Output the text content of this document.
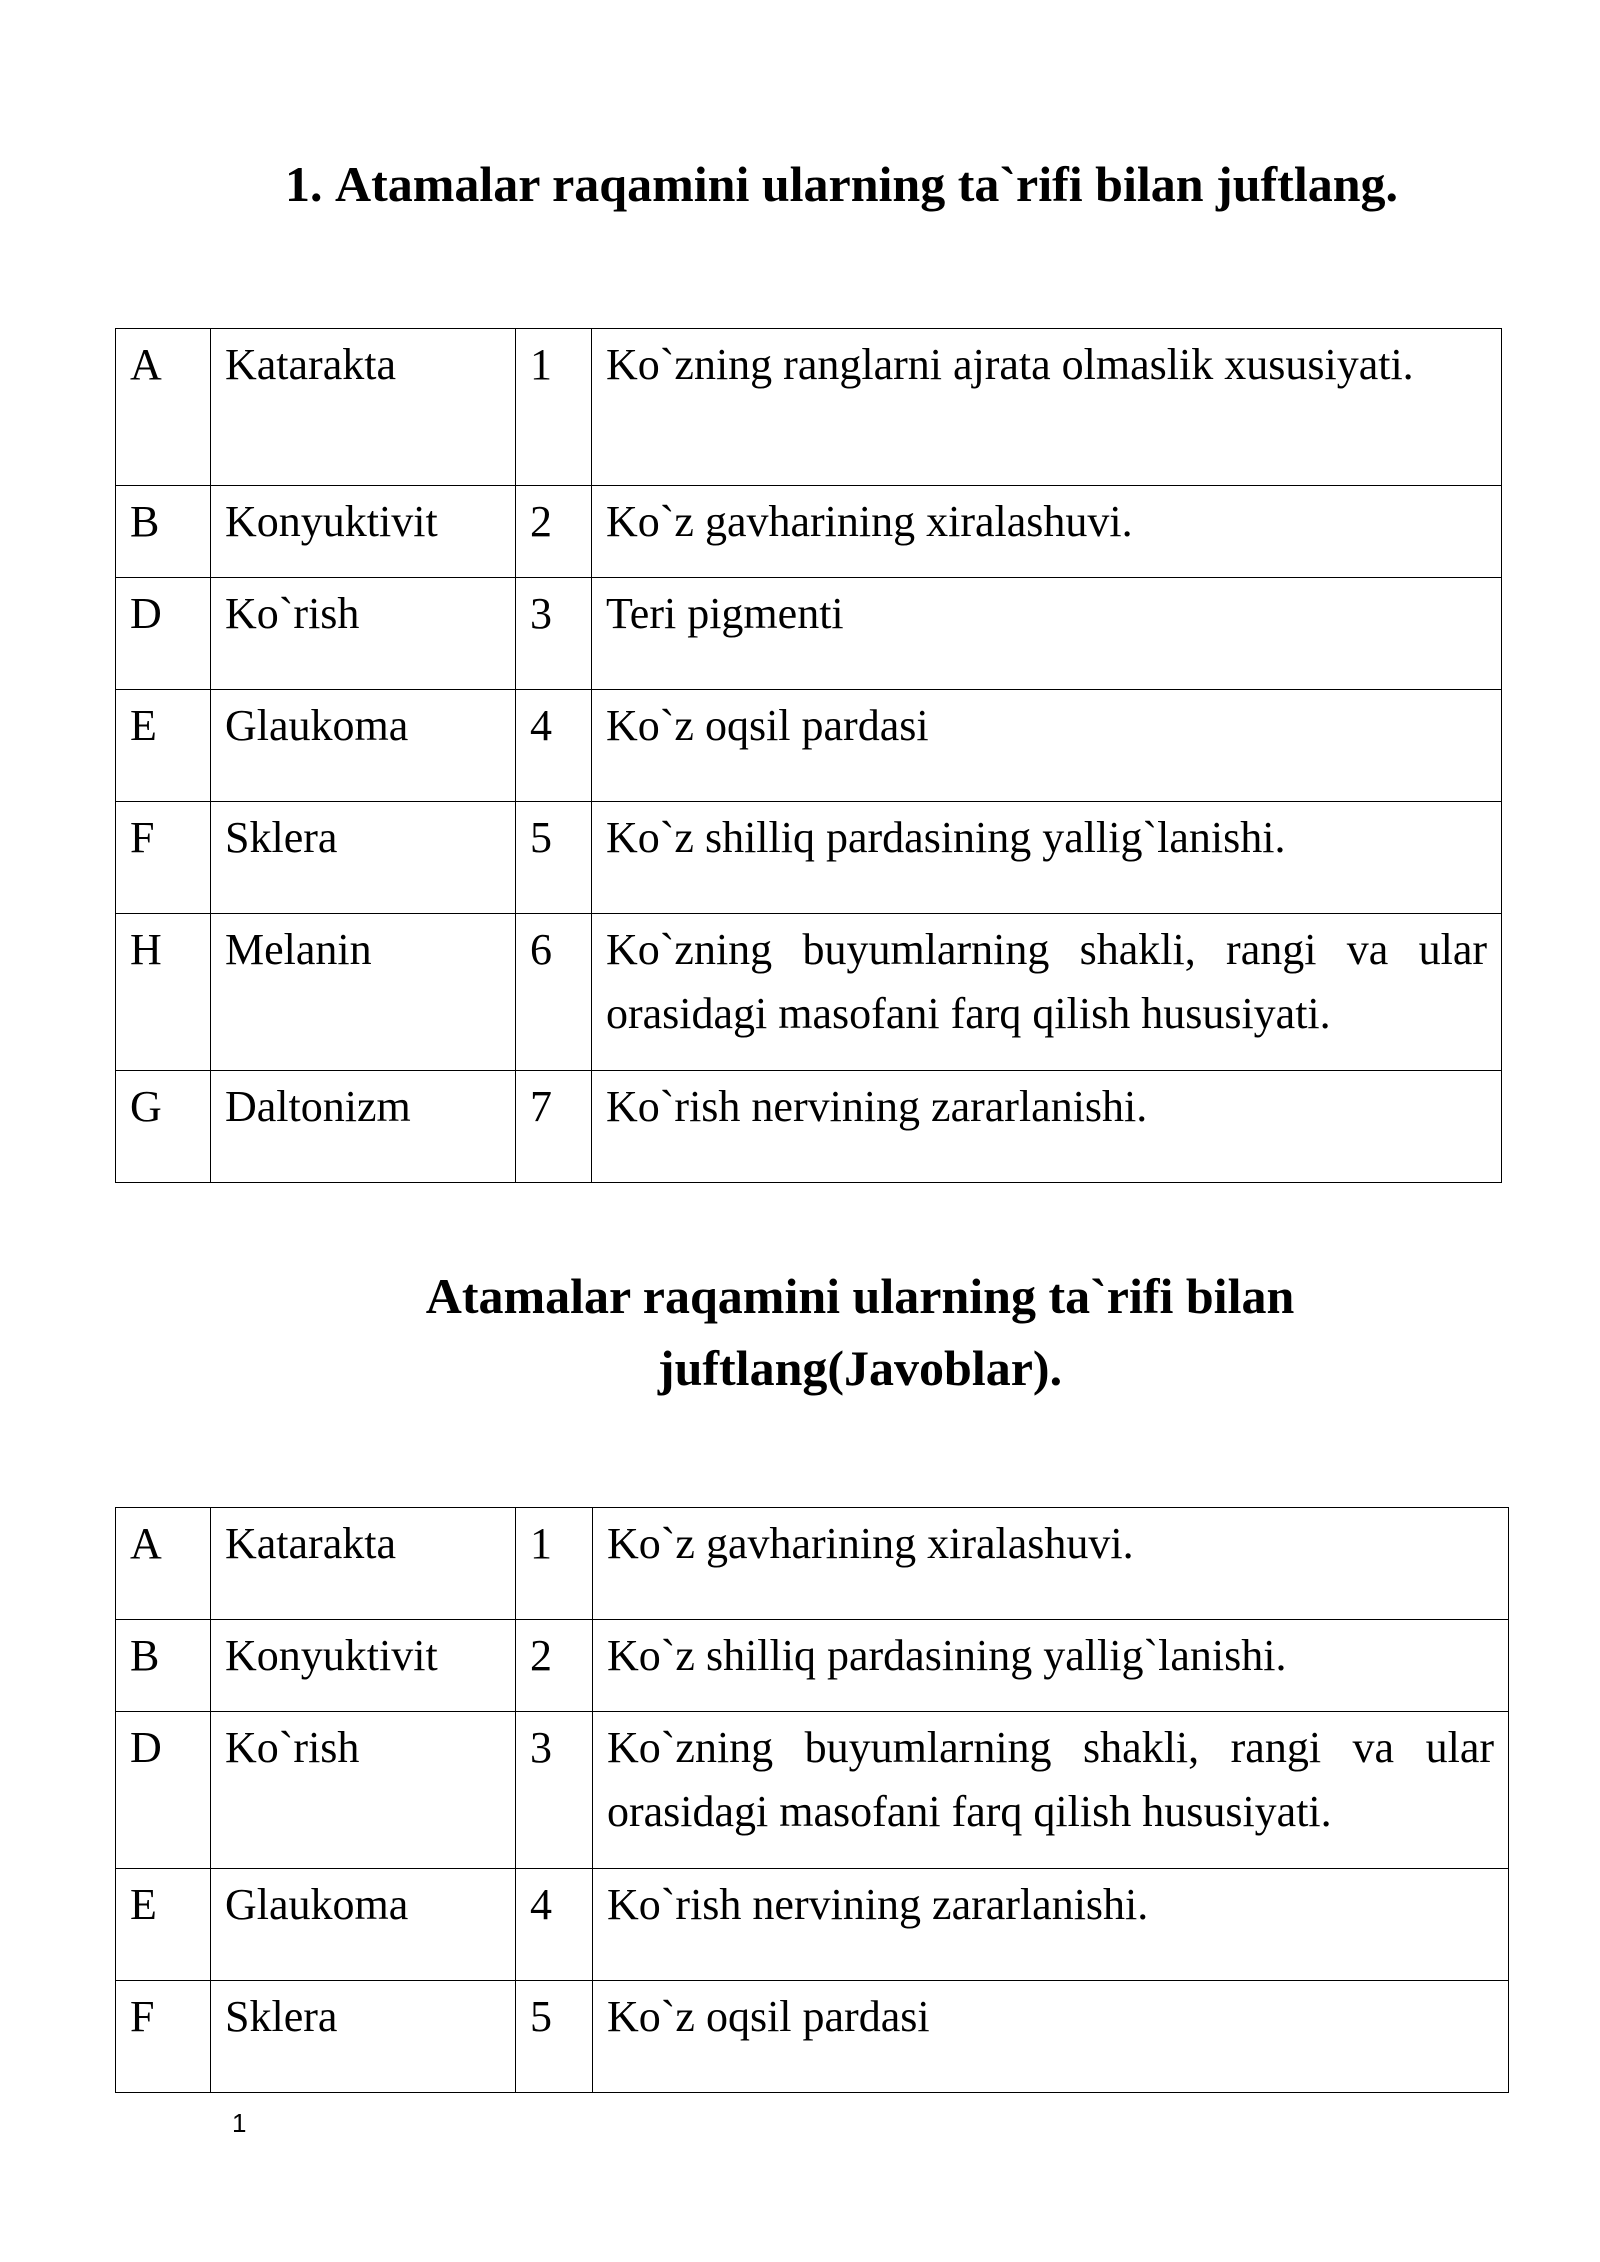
1. Atamalar raqamini ularning ta`rifi bilan juftlang.
A	Katarakta	1	Ko`zning ranglarni ajrata olmaslik xususiyati.
B	Konyuktivit	2	Ko`z gavharining xiralashuvi.
D	Ko`rish	3	Teri pigmenti
E	Glaukoma	4	Ko`z oqsil pardasi
F	Sklera	5	Ko`z shilliq pardasining yallig`lanishi.
H	Melanin	6	Ko`zning buyumlarning shakli, rangi va ular orasidagi masofani farq qilish hususiyati.
G	Daltonizm	7	Ko`rish nervining zararlanishi.
Atamalar raqamini ularning ta`rifi bilan
juftlang(Javoblar).
A	Katarakta	1	Ko`z gavharining xiralashuvi.
B	Konyuktivit	2	Ko`z shilliq pardasining yallig`lanishi.
D	Ko`rish	3	Ko`zning buyumlarning shakli, rangi va ular orasidagi masofani farq qilish hususiyati.
E	Glaukoma	4	Ko`rish nervining zararlanishi.
F	Sklera	5	Ko`z oqsil pardasi
1
